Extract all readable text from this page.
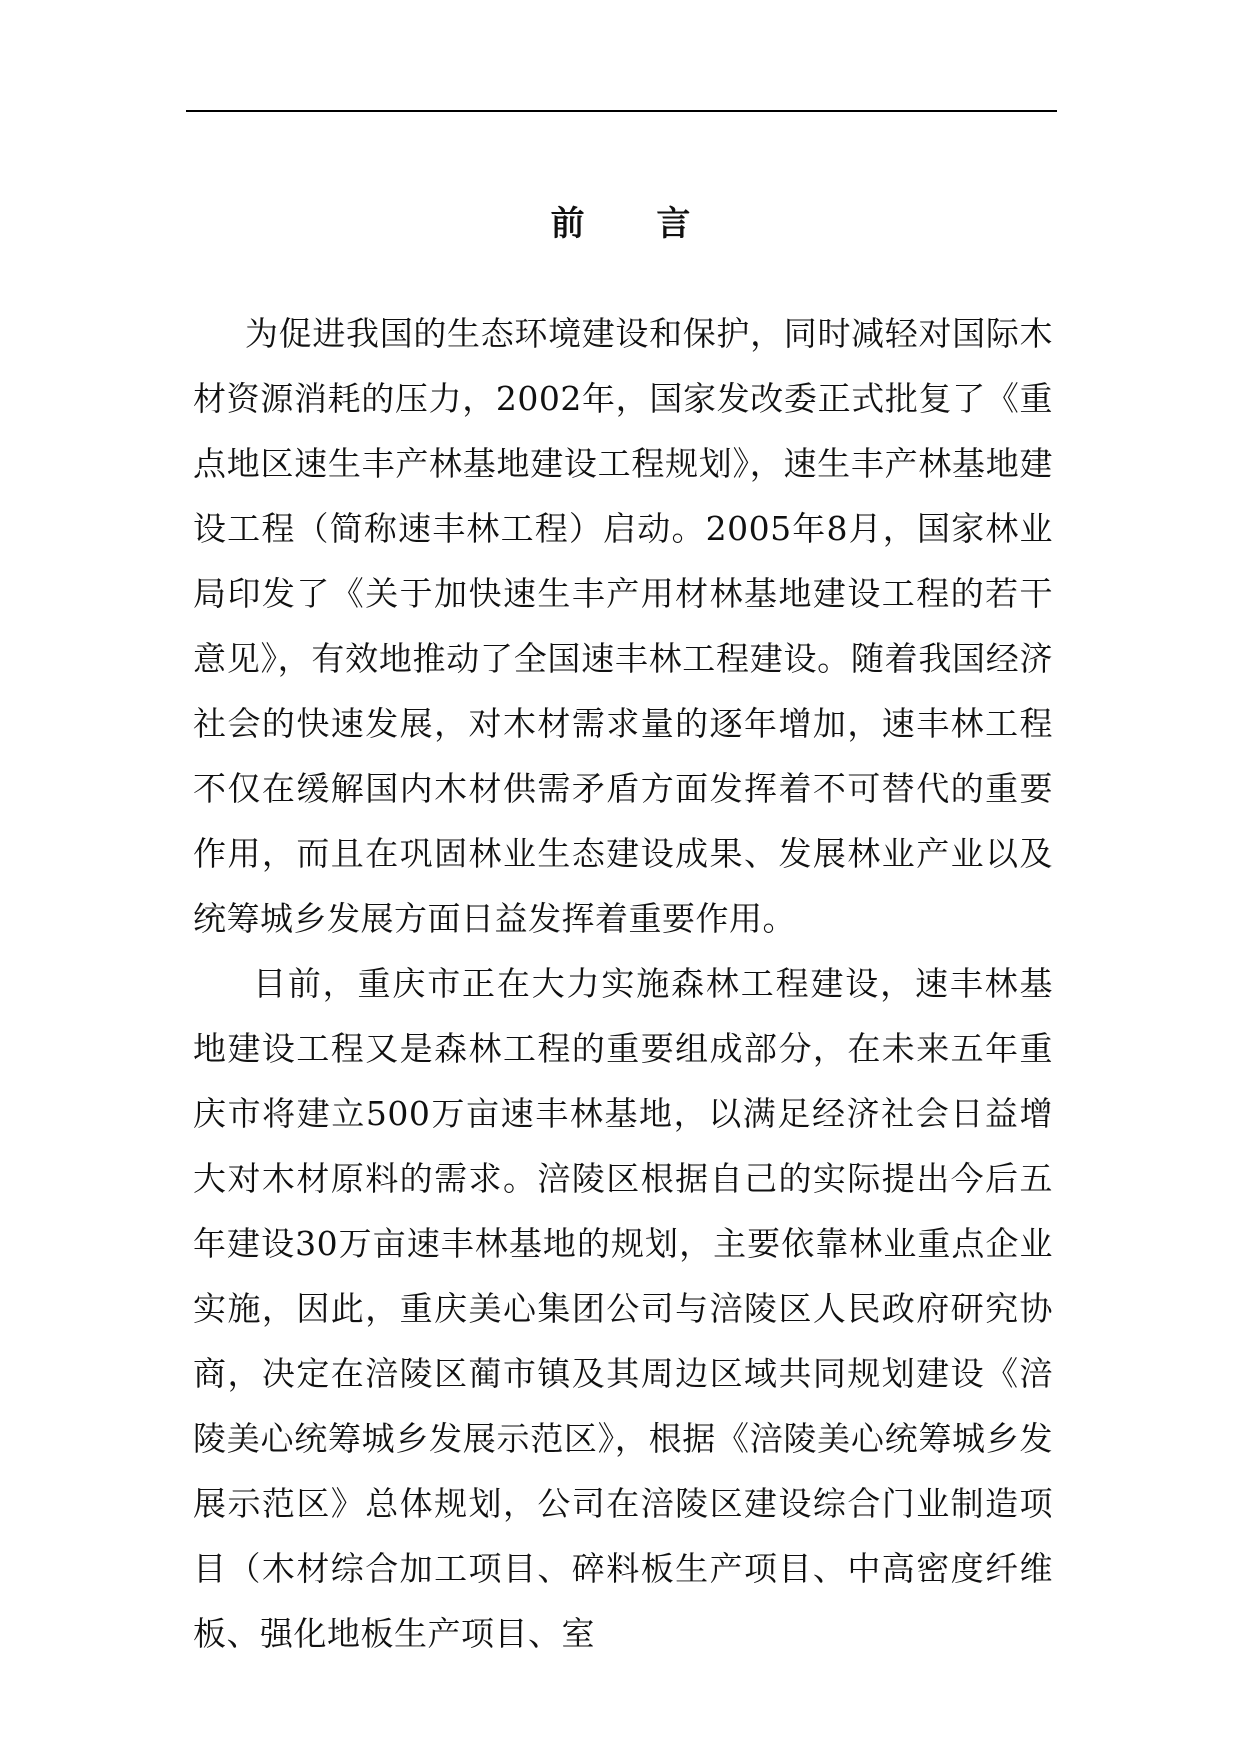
前 言

为促进我国的生态环境建设和保护，同时减轻对国际木材资源消耗的压力，2002年，国家发改委正式批复了《重点地区速生丰产林基地建设工程规划》，速生丰产林基地建设工程（简称速丰林工程）启动。2005年8月，国家林业局印发了《关于加快速生丰产用材林基地建设工程的若干意见》，有效地推动了全国速丰林工程建设。随着我国经济社会的快速发展，对木材需求量的逐年增加，速丰林工程不仅在缓解国内木材供需矛盾方面发挥着不可替代的重要作用，而且在巩固林业生态建设成果、发展林业产业以及统筹城乡发展方面日益发挥着重要作用。

目前，重庆市正在大力实施森林工程建设，速丰林基地建设工程又是森林工程的重要组成部分，在未来五年重庆市将建立500万亩速丰林基地，以满足经济社会日益增大对木材原料的需求。涪陵区根据自己的实际提出今后五年建设30万亩速丰林基地的规划，主要依靠林业重点企业实施，因此，重庆美心集团公司与涪陵区人民政府研究协商，决定在涪陵区蔺市镇及其周边区域共同规划建设《涪陵美心统筹城乡发展示范区》，根据《涪陵美心统筹城乡发展示范区》总体规划，公司在涪陵区建设综合门业制造项目（木材综合加工项目、碎料板生产项目、中高密度纤维板、强化地板生产项目、室
